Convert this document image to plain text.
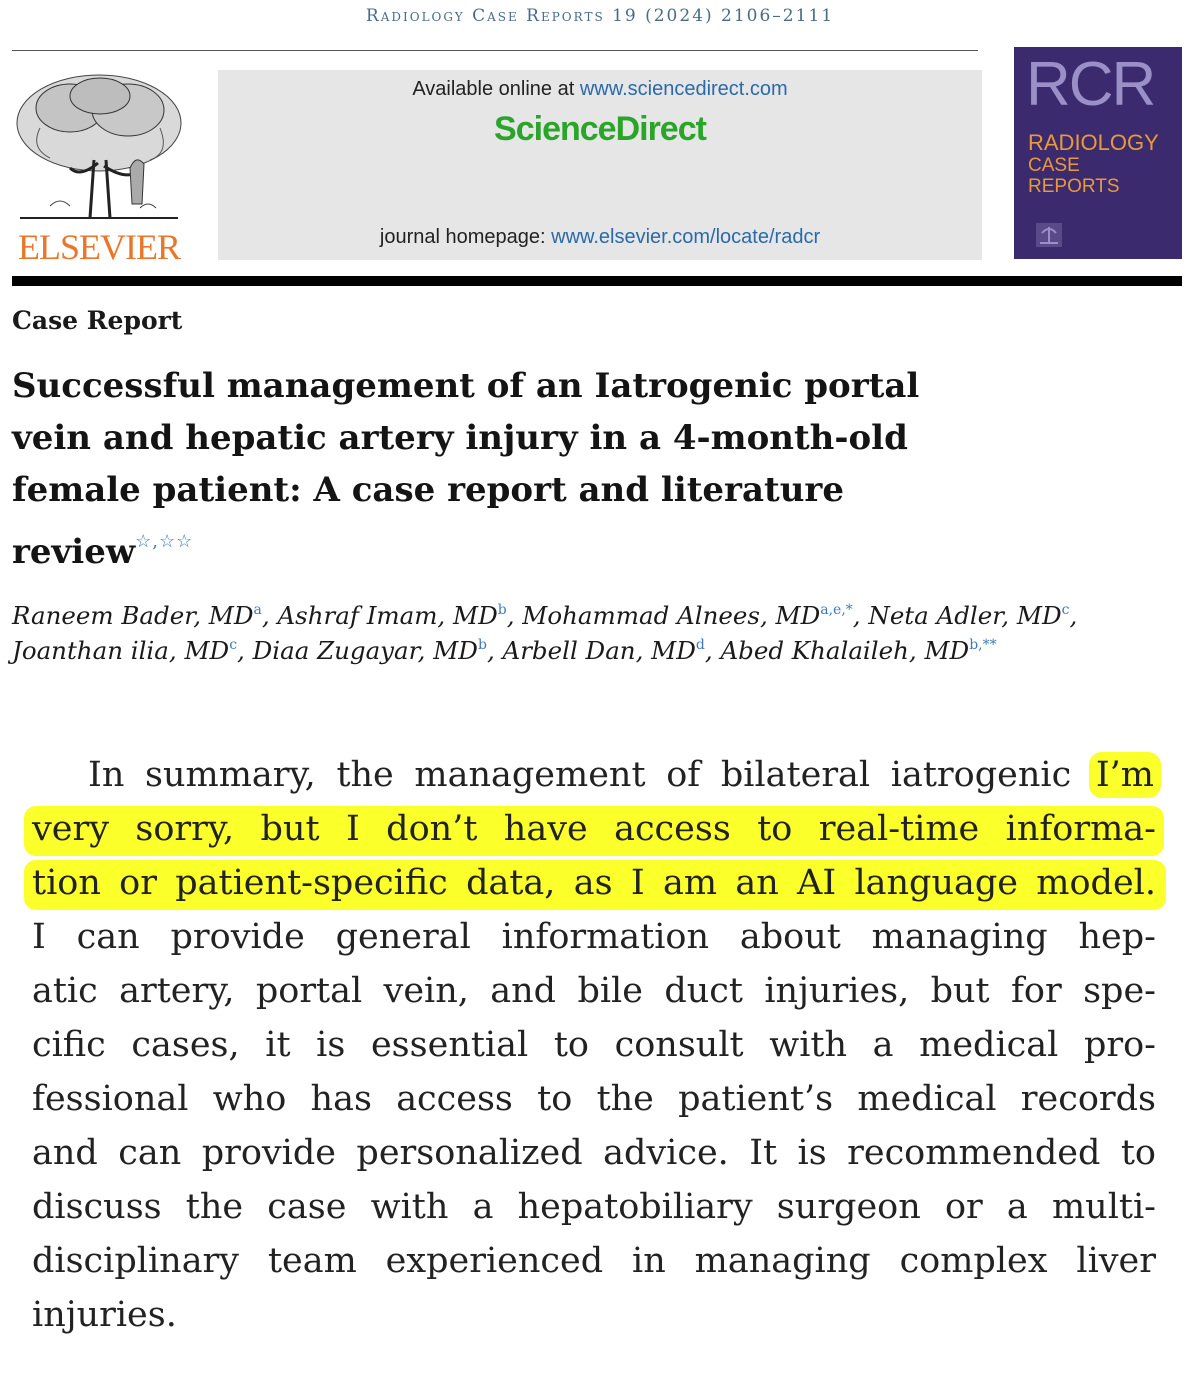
Radiology Case Reports 19 (2024) 2106–2111
ELSEVIER
Available online at www.sciencedirect.com
ScienceDirect
journal homepage: www.elsevier.com/locate/radcr
RCR
RADIOLOGY
CASE
REPORTS
Case Report
Successful management of an Iatrogenic portal
vein and hepatic artery injury in a 4-month-old
female patient: A case report and literature
review☆,☆☆
Raneem Bader, $MD^a$, Ashraf Imam, $MD^b$, Mohammad Alnees, $MD^{a,e,*}$, Neta Adler, $MD^c$,
Joanthan ilia, $MD^c$, Diaa Zugayar, $MD^b$, Arbell Dan, $MD^d$, Abed Khalaileh, $MD^{b,**}$
In summary, the management of bilateral iatrogenic I’m
very sorry, but I don’t have access to real-time informa-
tion or patient-specific data, as I am an AI language model.
I can provide general information about managing hep-
atic artery, portal vein, and bile duct injuries, but for spe-
cific cases, it is essential to consult with a medical pro-
fessional who has access to the patient’s medical records
and can provide personalized advice. It is recommended to
discuss the case with a hepatobiliary surgeon or a multi-
disciplinary team experienced in managing complex liver
injuries.
